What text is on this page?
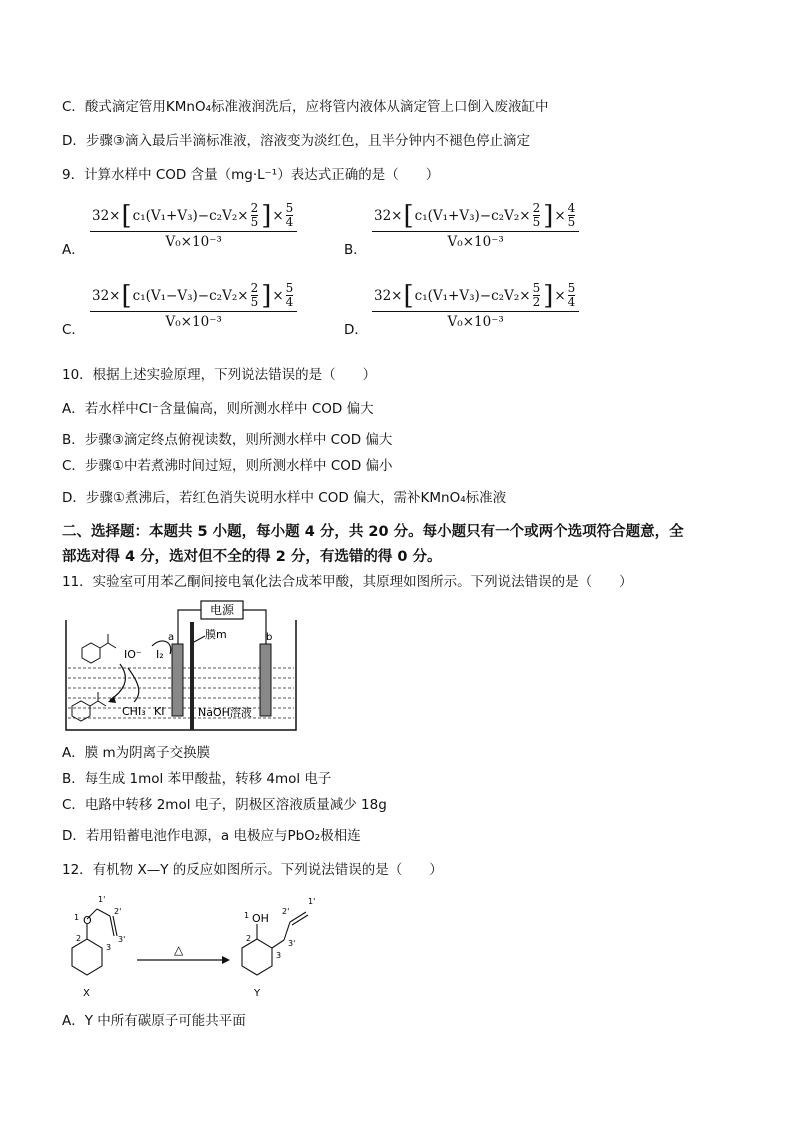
C．酸式滴定管用KMnO₄标准液润洗后，应将管内液体从滴定管上口倒入废液缸中
D．步骤③滴入最后半滴标准液，溶液变为淡红色，且半分钟内不褪色停止滴定
9．计算水样中 COD 含量（mg·L⁻¹）表达式正确的是（　　）
A．
32× [ c₁(V₁+V₃)−c₂V₂× 2
5 ] × 5
4
V₀×10⁻³	B．
32× [ c₁(V₁+V₃)−c₂V₂× 2
5 ] × 4
5
V₀×10⁻³
C．
32× [ c₁(V₁−V₃)−c₂V₂× 2
5 ] × 5
4
V₀×10⁻³	D．
32× [ c₁(V₁+V₃)−c₂V₂× 5
2 ] × 5
4
V₀×10⁻³
10．根据上述实验原理，下列说法错误的是（　　）
A．若水样中Cl⁻含量偏高，则所测水样中 COD 偏大
B．步骤③滴定终点俯视读数，则所测水样中 COD 偏大
C．步骤①中若煮沸时间过短，则所测水样中 COD 偏小
D．步骤①煮沸后，若红色消失说明水样中 COD 偏大，需补KMnO₄标准液
二、选择题：本题共 5 小题，每小题 4 分，共 20 分。每小题只有一个或两个选项符合题意，全
部选对得 4 分，选对但不全的得 2 分，有选错的得 0 分。
11．实验室可用苯乙酮间接电氧化法合成苯甲酸，其原理如图所示。下列说法错误的是（　　）
电源
膜m
a	b
IO⁻ I₂
CHI₃ KI	NaOH溶液
A．膜 m为阴离子交换膜
B．每生成 1mol 苯甲酸盐，转移 4mol 电子
C．电路中转移 2mol 电子，阴极区溶液质量减少 18g
D．若用铅蓄电池作电源，a 电极应与PbO₂极相连
12．有机物 X—Y 的反应如图所示。下列说法错误的是（　　）
O
1
1'
2
3
2'
3'
X
△
OH
1
2
3
2'
1'
3'
Y
A．Y 中所有碳原子可能共平面
